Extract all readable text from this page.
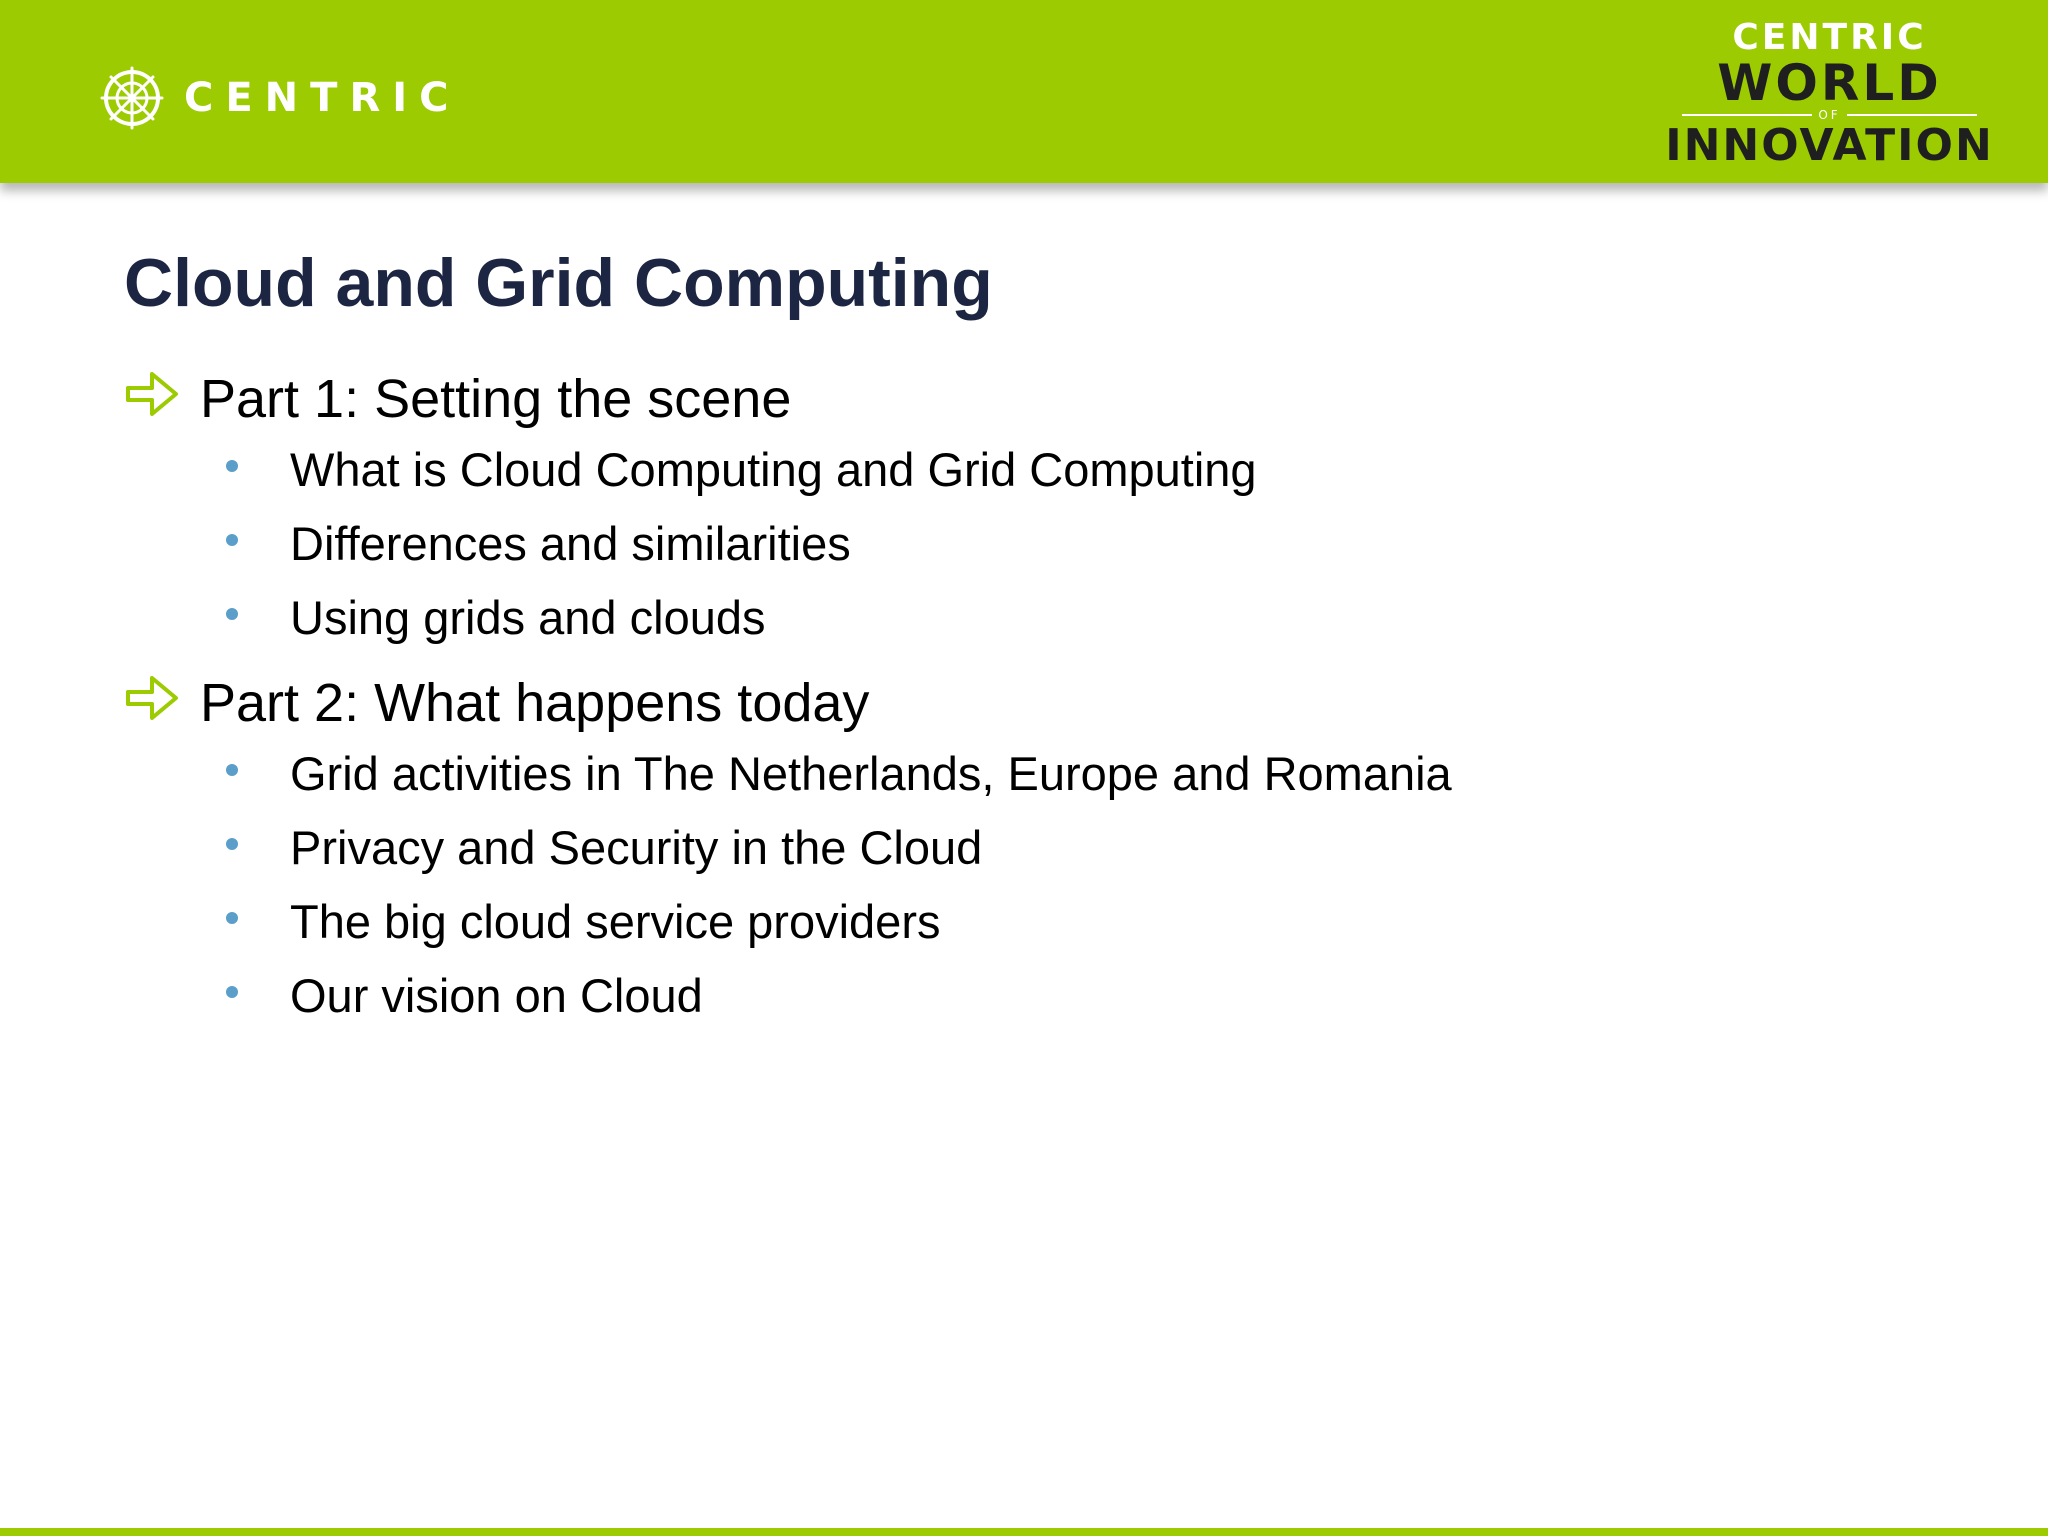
CENTRIC
CENTRIC
WORLD
OF
INNOVATION
Cloud and Grid Computing
Part 1: Setting the scene
What is Cloud Computing and Grid Computing
Differences and similarities
Using grids and clouds
Part 2: What happens today
Grid activities in The Netherlands, Europe and Romania
Privacy and Security in the Cloud
The big cloud service providers
Our vision on Cloud
